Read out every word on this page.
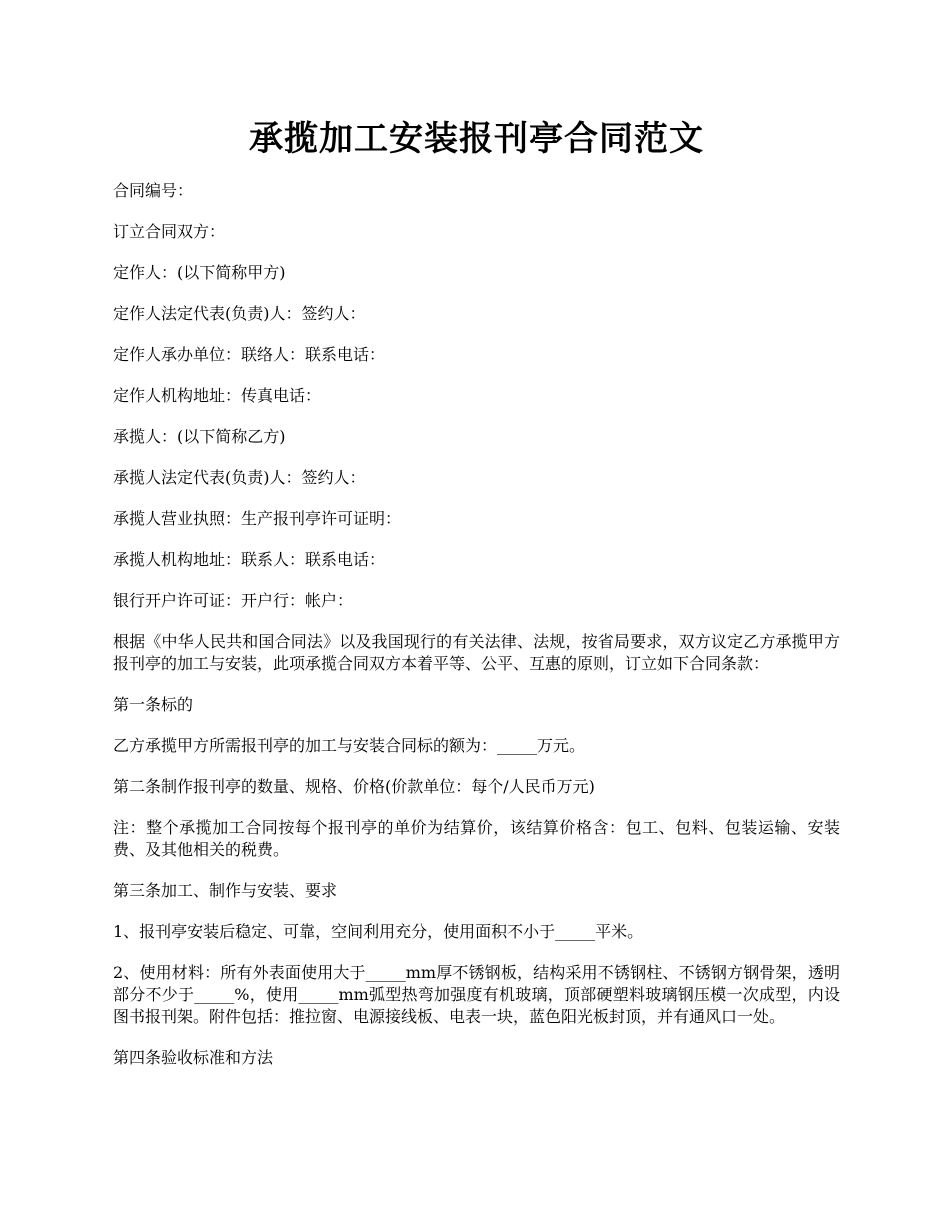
承揽加工安装报刊亭合同范文

合同编号：

订立合同双方：

定作人：(以下简称甲方)

定作人法定代表(负责)人：签约人：

定作人承办单位：联络人：联系电话：

定作人机构地址：传真电话：

承揽人：(以下简称乙方)

承揽人法定代表(负责)人：签约人：

承揽人营业执照：生产报刊亭许可证明：

承揽人机构地址：联系人：联系电话：

银行开户许可证：开户行：帐户：

根据《中华人民共和国合同法》以及我国现行的有关法律、法规，按省局要求，双方议定乙方承揽甲方报刊亭的加工与安装，此项承揽合同双方本着平等、公平、互惠的原则，订立如下合同条款：

第一条标的

乙方承揽甲方所需报刊亭的加工与安装合同标的额为：_____万元。

第二条制作报刊亭的数量、规格、价格(价款单位：每个/人民币万元)

注：整个承揽加工合同按每个报刊亭的单价为结算价，该结算价格含：包工、包料、包装运输、安装费、及其他相关的税费。

第三条加工、制作与安装、要求

1、报刊亭安装后稳定、可靠，空间利用充分，使用面积不小于_____平米。

2、使用材料：所有外表面使用大于_____mm厚不锈钢板，结构采用不锈钢柱、不锈钢方钢骨架，透明部分不少于_____%，使用_____mm弧型热弯加强度有机玻璃，顶部硬塑料玻璃钢压模一次成型，内设图书报刊架。附件包括：推拉窗、电源接线板、电表一块，蓝色阳光板封顶，并有通风口一处。

第四条验收标准和方法
